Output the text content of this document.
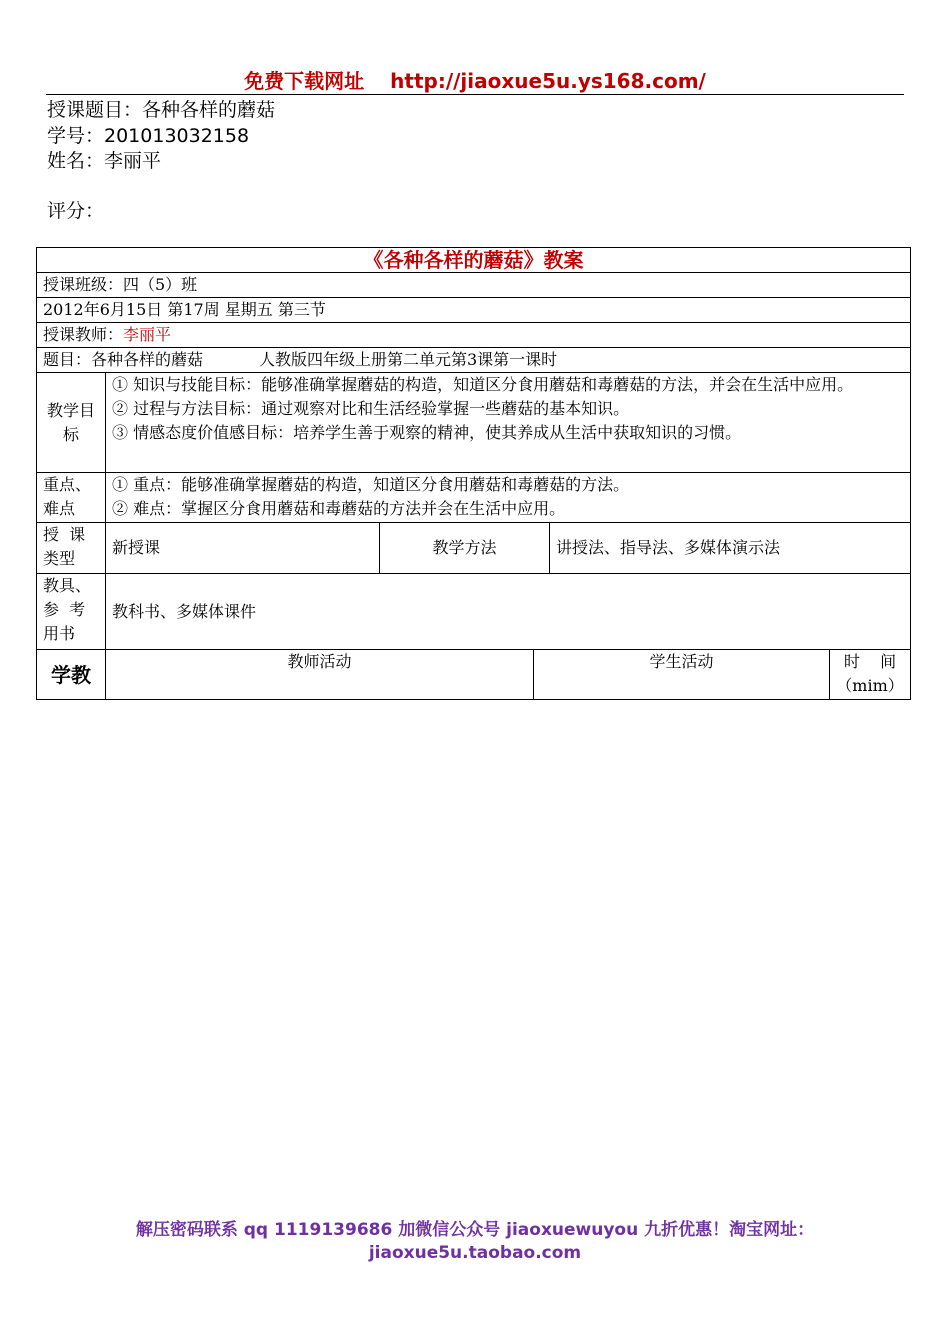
免费下载网址 http://jiaoxue5u.ys168.com/
授课题目：各种各样的蘑菇
学号：201013032158
姓名：李丽平
评分：
《各种各样的蘑菇》教案					
授课班级：四（5）班					
2012年6月15日 第17周 星期五 第三节					
授课教师：李丽平					
题目：各种各样的蘑菇           人教版四年级上册第二单元第3课第一课时					
教学目标	① 知识与技能目标：能够准确掌握蘑菇的构造，知道区分食用蘑菇和毒蘑菇的方法，并会在生活中应用。
② 过程与方法目标：通过观察对比和生活经验掌握一些蘑菇的基本知识。
③ 情感态度价值感目标：培养学生善于观察的精神，使其养成从生活中获取知识的习惯。				

重点、难点	① 重点：能够准确掌握蘑菇的构造，知道区分食用蘑菇和毒蘑菇的方法。
② 难点：掌握区分食用蘑菇和毒蘑菇的方法并会在生活中应用。				

授  课类型	新授课	教学方法		讲授法、指导法、多媒体演示法	
教具、参  考用书	教科书、多媒体课件				
学教	教师活动		学生活动		时    间
（mim）
解压密码联系 qq 1119139686 加微信公众号 jiaoxuewuyou 九折优惠！淘宝网址：
jiaoxue5u.taobao.com
